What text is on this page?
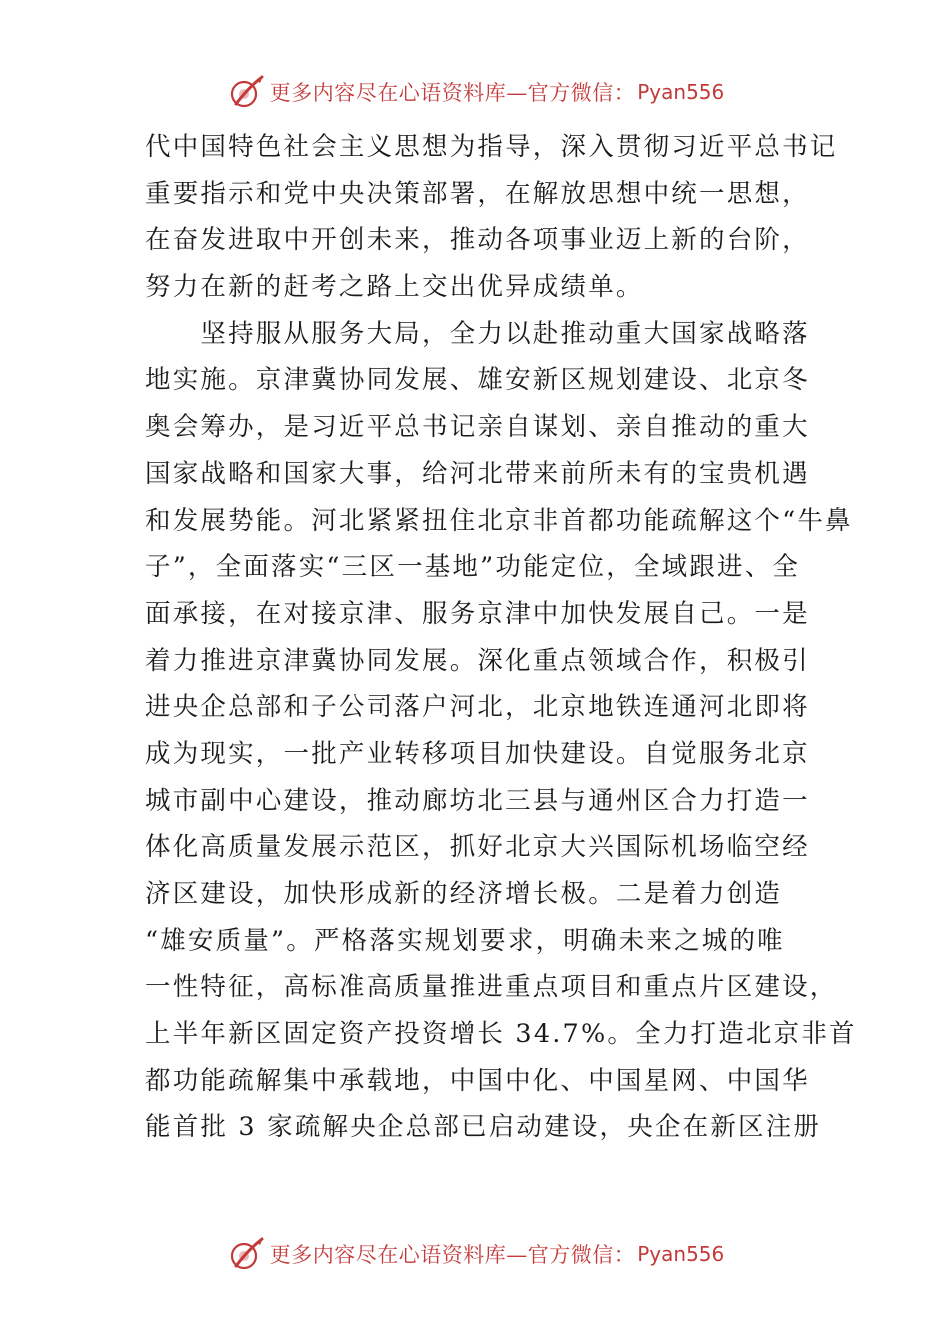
更多内容尽在心语资料库—官方微信： Pyan556
代中国特色社会主义思想为指导，深入贯彻习近平总书记
重要指示和党中央决策部署，在解放思想中统一思想，
在奋发进取中开创未来，推动各项事业迈上新的台阶，
努力在新的赶考之路上交出优异成绩单。
　　坚持服从服务大局，全力以赴推动重大国家战略落
地实施。京津冀协同发展、雄安新区规划建设、北京冬
奥会筹办，是习近平总书记亲自谋划、亲自推动的重大
国家战略和国家大事，给河北带来前所未有的宝贵机遇
和发展势能。河北紧紧扭住北京非首都功能疏解这个“牛鼻
子”，全面落实“三区一基地”功能定位，全域跟进、全
面承接，在对接京津、服务京津中加快发展自己。一是
着力推进京津冀协同发展。深化重点领域合作，积极引
进央企总部和子公司落户河北，北京地铁连通河北即将
成为现实，一批产业转移项目加快建设。自觉服务北京
城市副中心建设，推动廊坊北三县与通州区合力打造一
体化高质量发展示范区，抓好北京大兴国际机场临空经
济区建设，加快形成新的经济增长极。二是着力创造
“雄安质量”。严格落实规划要求，明确未来之城的唯
一性特征，高标准高质量推进重点项目和重点片区建设，
上半年新区固定资产投资增长 34.7%。全力打造北京非首
都功能疏解集中承载地，中国中化、中国星网、中国华
能首批 3 家疏解央企总部已启动建设，央企在新区注册
更多内容尽在心语资料库—官方微信： Pyan556
